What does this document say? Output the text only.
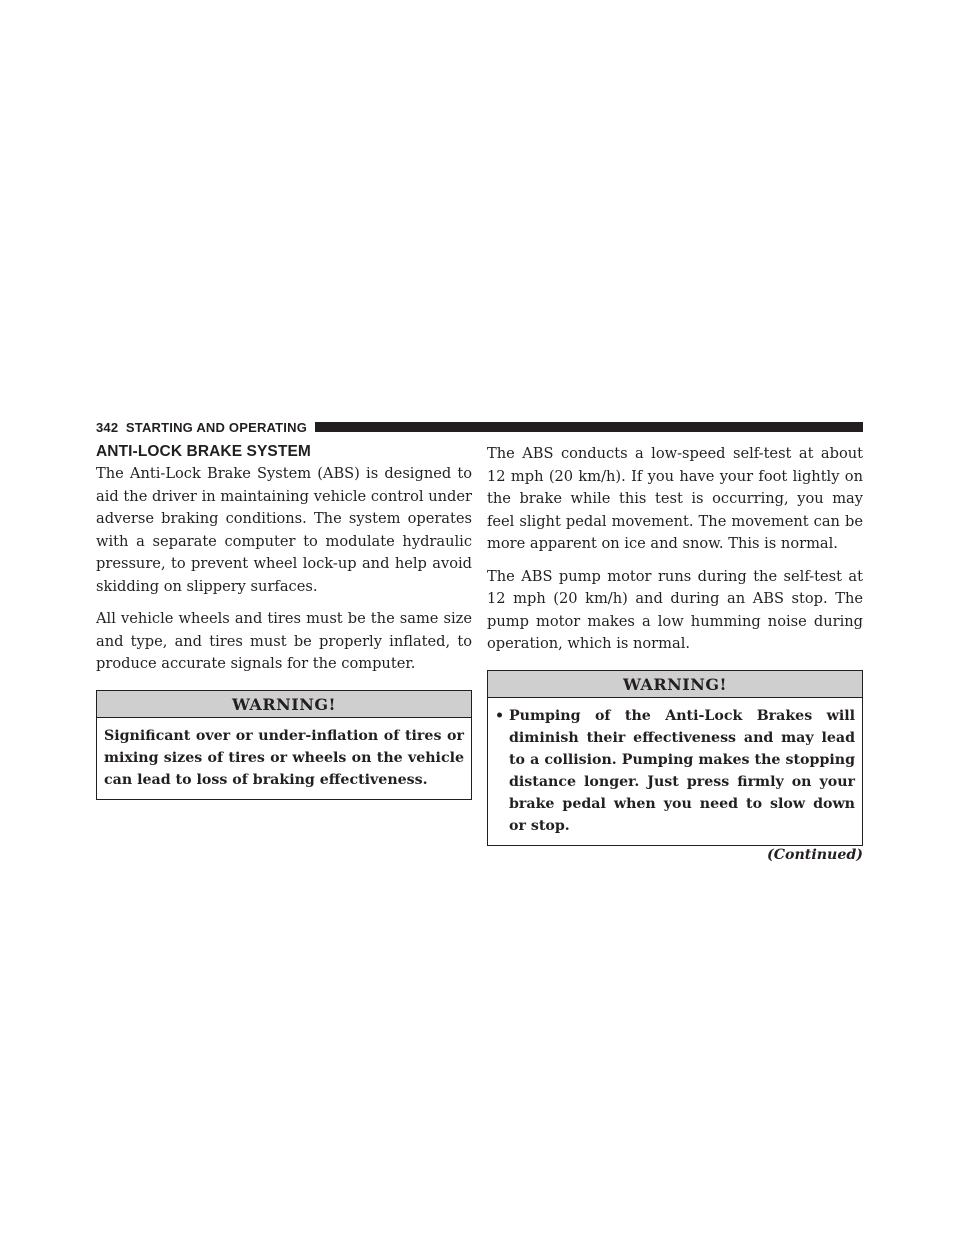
342 STARTING AND OPERATING
ANTI-LOCK BRAKE SYSTEM

The Anti-Lock Brake System (ABS) is designed to aid the driver in maintaining vehicle control under adverse braking conditions. The system operates with a separate computer to modulate hydraulic pressure, to prevent wheel lock-up and help avoid skidding on slippery surfaces.

All vehicle wheels and tires must be the same size and type, and tires must be properly inflated, to produce accurate signals for the computer.

WARNING!
Significant over or under-inflation of tires or mixing sizes of tires or wheels on the vehicle can lead to loss of braking effectiveness.

The ABS conducts a low-speed self-test at about 12 mph (20 km/h). If you have your foot lightly on the brake while this test is occurring, you may feel slight pedal movement. The movement can be more apparent on ice and snow. This is normal.

The ABS pump motor runs during the self-test at 12 mph (20 km/h) and during an ABS stop. The pump motor makes a low humming noise during operation, which is normal.

WARNING!
• Pumping of the Anti-Lock Brakes will diminish their effectiveness and may lead to a collision. Pumping makes the stopping distance longer. Just press firmly on your brake pedal when you need to slow down or stop.
(Continued)
